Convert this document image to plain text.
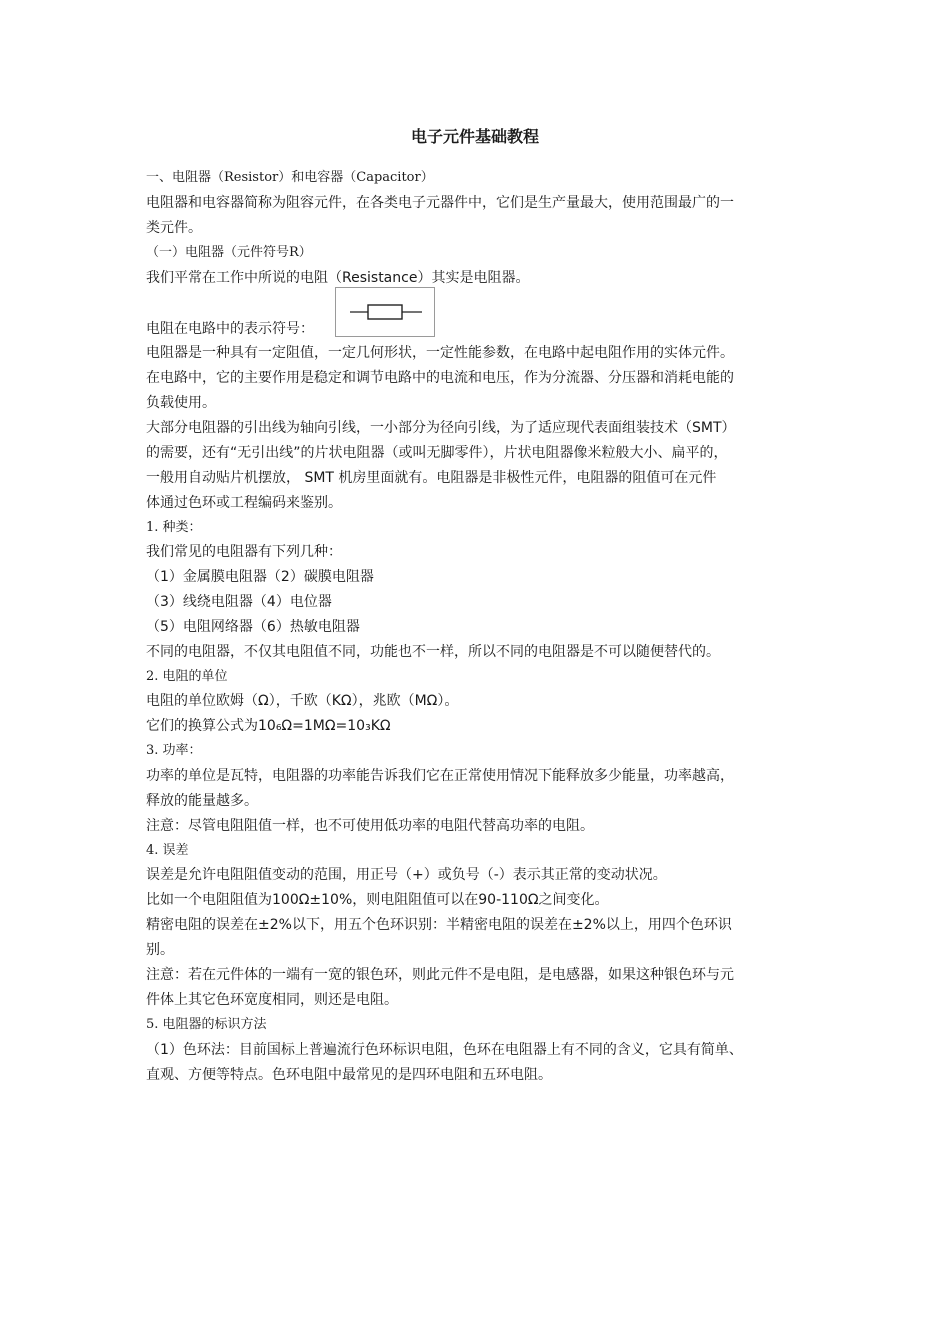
电子元件基础教程
一、电阻器（Resistor）和电容器（Capacitor）
电阻器和电容器简称为阻容元件，在各类电子元器件中，它们是生产量最大，使用范围最广的一
类元件。
（一）电阻器（元件符号R）
我们平常在工作中所说的电阻（Resistance）其实是电阻器。
电阻在电路中的表示符号：
电阻器是一种具有一定阻值，一定几何形状，一定性能参数，在电路中起电阻作用的实体元件。
在电路中，它的主要作用是稳定和调节电路中的电流和电压，作为分流器、分压器和消耗电能的
负载使用。
大部分电阻器的引出线为轴向引线，一小部分为径向引线，为了适应现代表面组装技术（SMT）
的需要，还有“无引出线”的片状电阻器（或叫无脚零件），片状电阻器像米粒般大小、扁平的，
一般用自动贴片机摆放， SMT 机房里面就有。电阻器是非极性元件，电阻器的阻值可在元件
体通过色环或工程编码来鉴别。
1. 种类：
我们常见的电阻器有下列几种：
（1）金属膜电阻器（2）碳膜电阻器
（3）线绕电阻器（4）电位器
（5）电阻网络器（6）热敏电阻器
不同的电阻器，不仅其电阻值不同，功能也不一样，所以不同的电阻器是不可以随便替代的。
2. 电阻的单位
电阻的单位欧姆（Ω），千欧（KΩ），兆欧（MΩ）。
它们的换算公式为10₆Ω=1MΩ=10₃KΩ
3. 功率：
功率的单位是瓦特，电阻器的功率能告诉我们它在正常使用情况下能释放多少能量，功率越高，
释放的能量越多。
注意：尽管电阻阻值一样，也不可使用低功率的电阻代替高功率的电阻。
4. 误差
误差是允许电阻阻值变动的范围，用正号（+）或负号（-）表示其正常的变动状况。
比如一个电阻阻值为100Ω±10%，则电阻阻值可以在90-110Ω之间变化。
精密电阻的误差在±2%以下，用五个色环识别：半精密电阻的误差在±2%以上，用四个色环识
别。
注意：若在元件体的一端有一宽的银色环，则此元件不是电阻，是电感器，如果这种银色环与元
件体上其它色环宽度相同，则还是电阻。
5. 电阻器的标识方法
（1）色环法：目前国标上普遍流行色环标识电阻，色环在电阻器上有不同的含义，它具有简单、
直观、方便等特点。色环电阻中最常见的是四环电阻和五环电阻。
